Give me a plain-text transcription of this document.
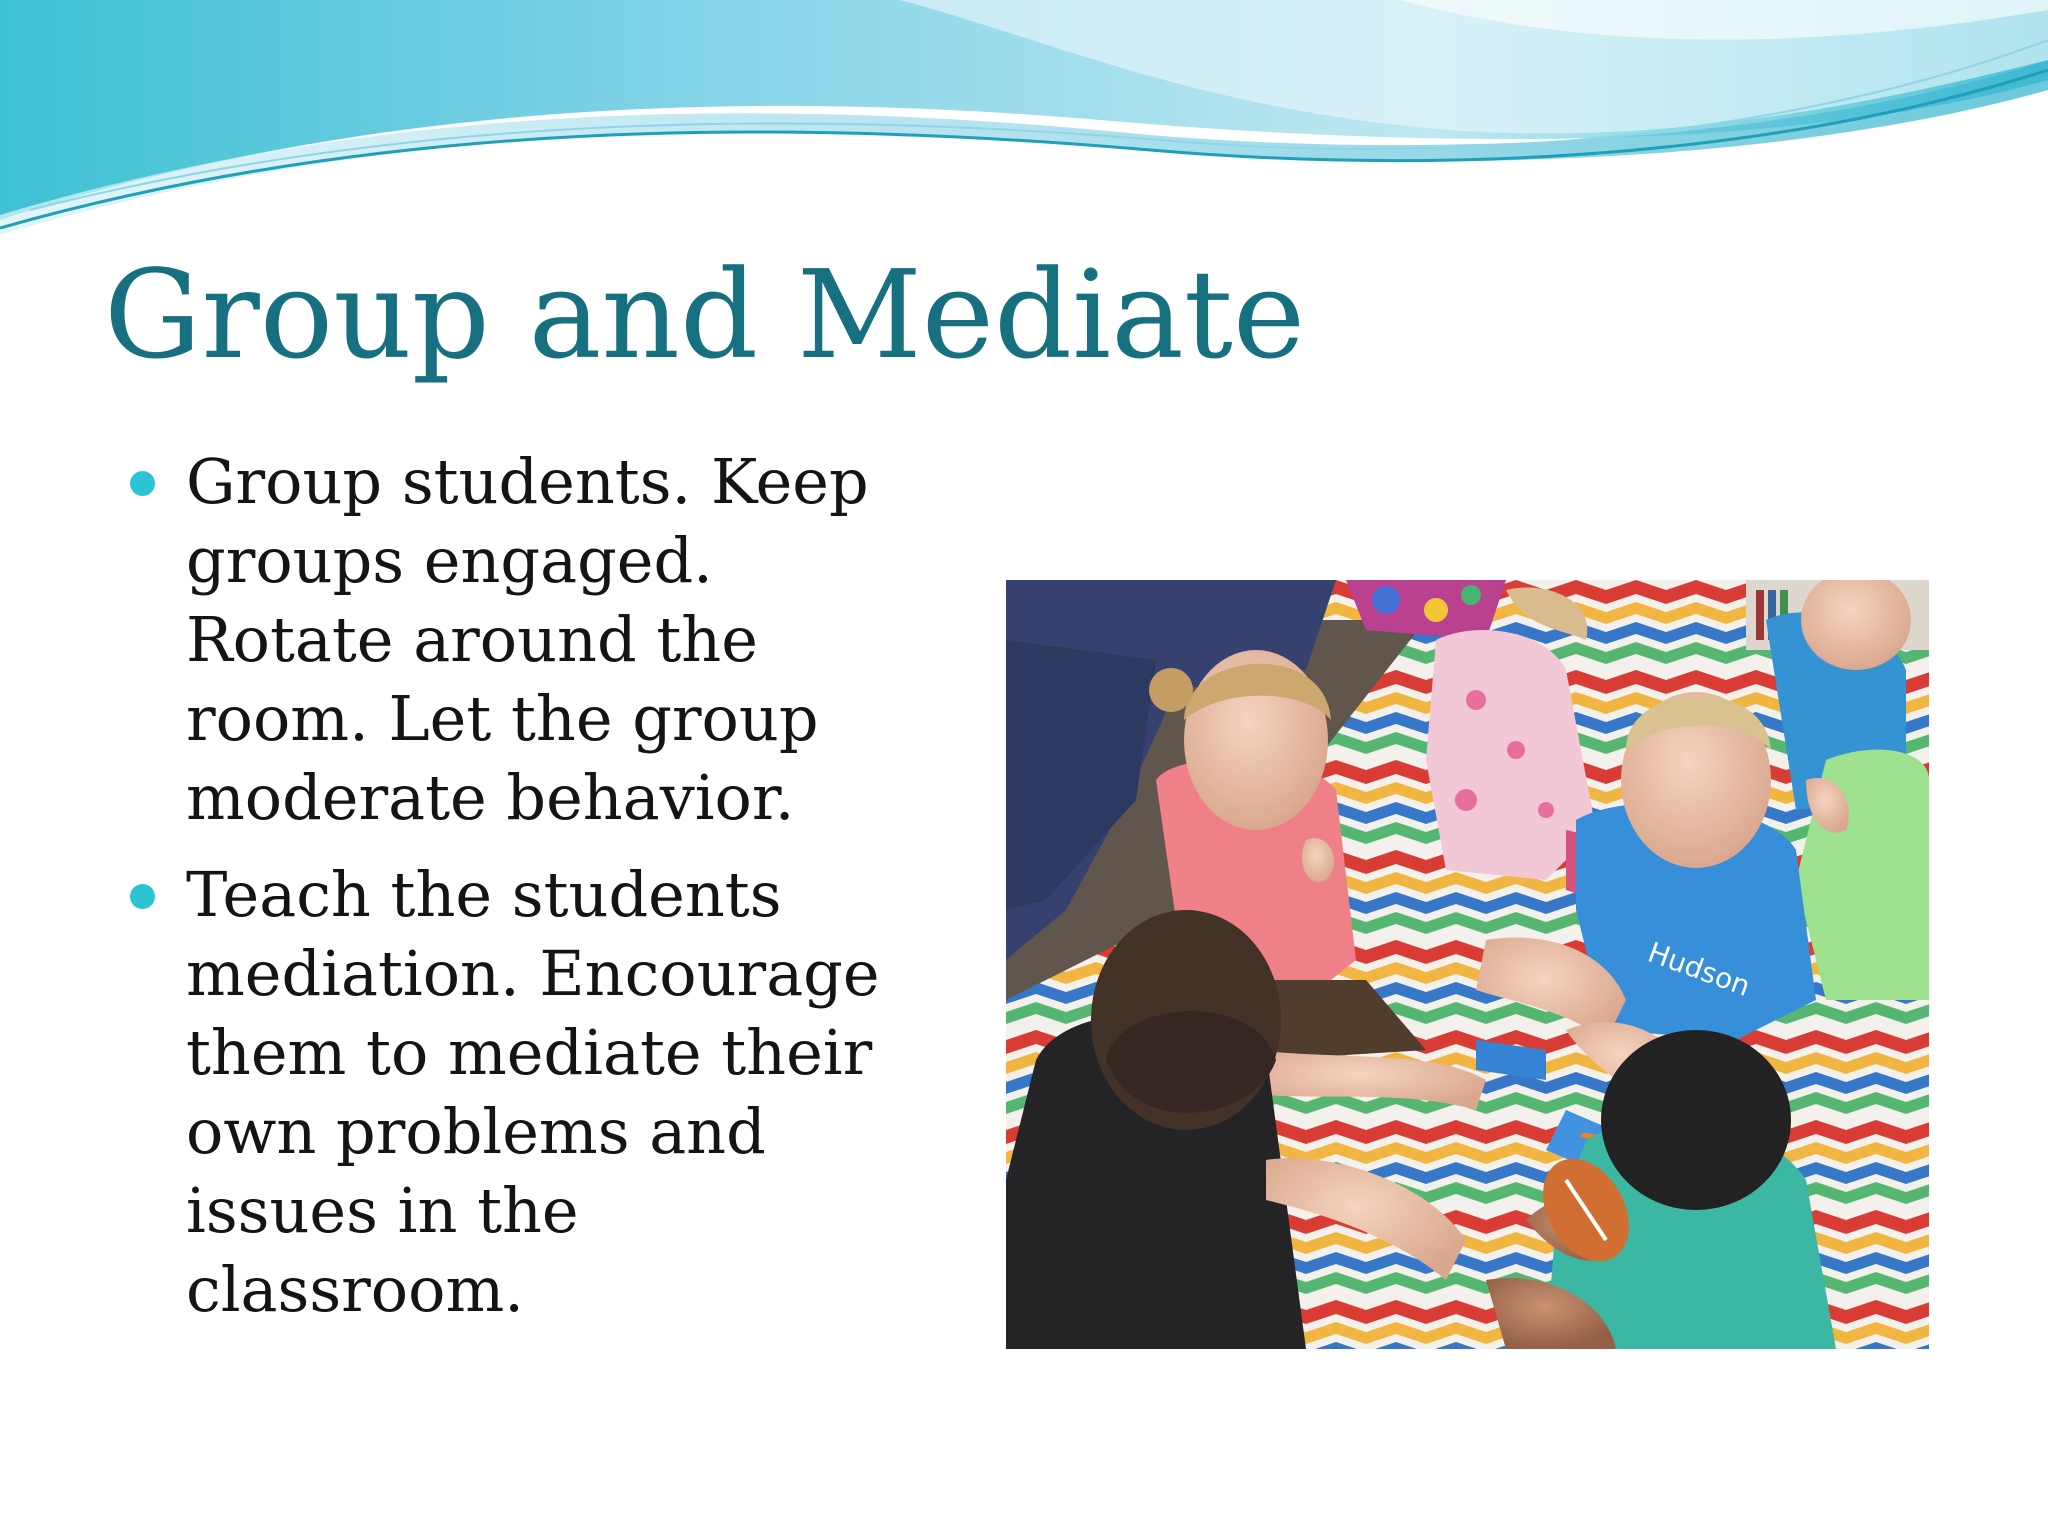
Group and Mediate
Group students. Keep groups engaged. Rotate around the room. Let the group moderate behavior.
Teach the students mediation. Encourage them to mediate their own problems and issues in the classroom.
Hudson
